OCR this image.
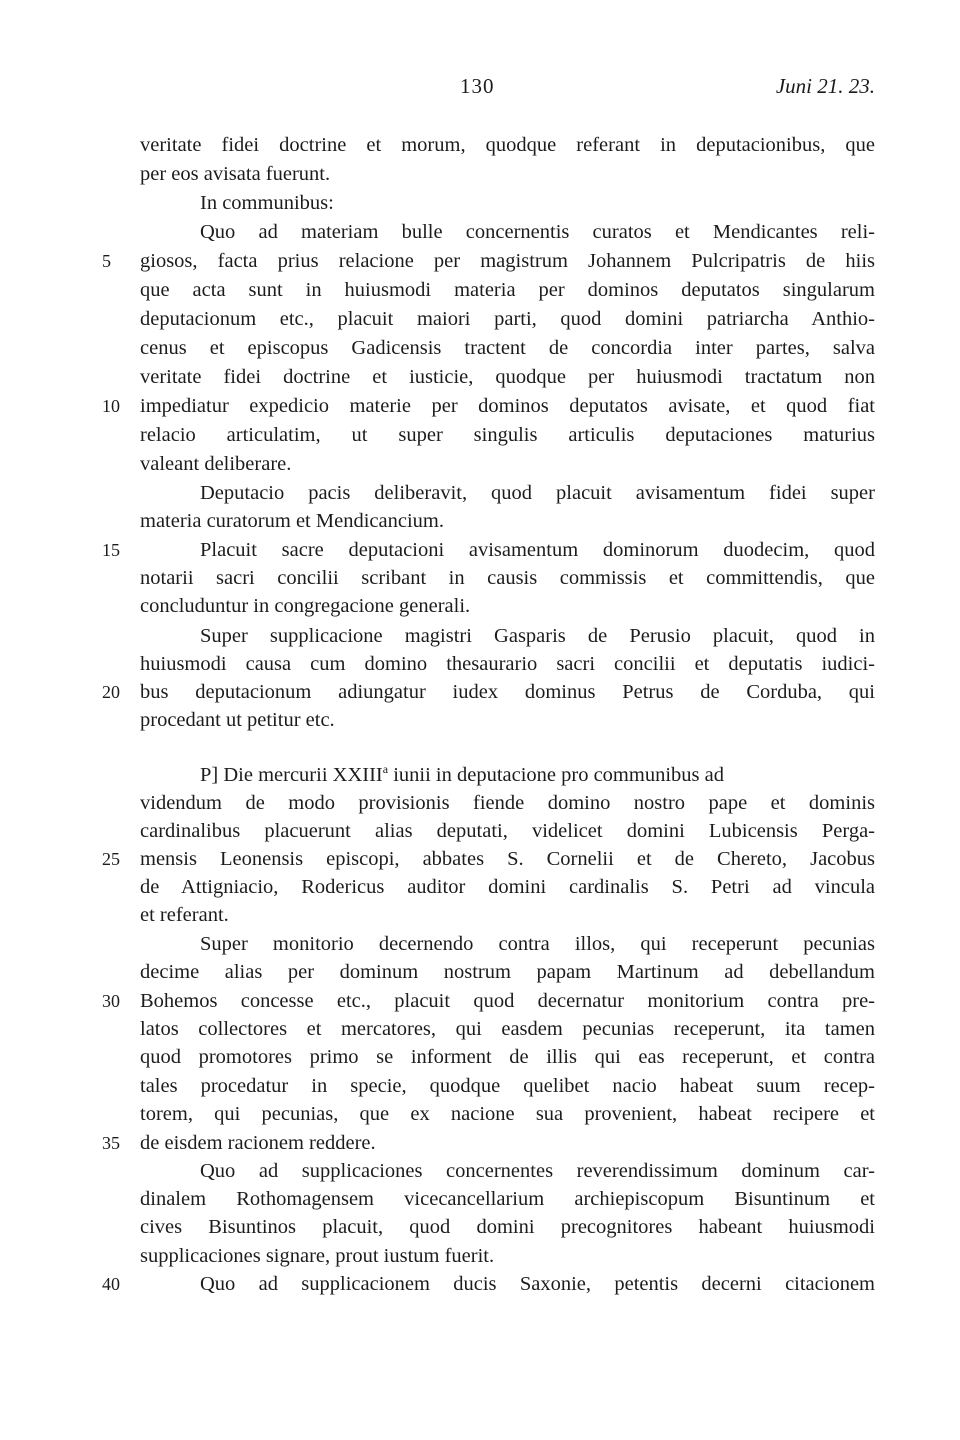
130	Juni 21. 23.
5
10
15
20
25
30
35
40
veritate fidei doctrine et morum, quodque referant in deputacionibus, que
per eos avisata fuerunt.
In communibus:
Quo ad materiam bulle concernentis curatos et Mendicantes reli-
giosos, facta prius relacione per magistrum Johannem Pulcripatris de hiis
que acta sunt in huiusmodi materia per dominos deputatos singularum
deputacionum etc., placuit maiori parti, quod domini patriarcha Anthio-
cenus et episcopus Gadicensis tractent de concordia inter partes, salva
veritate fidei doctrine et iusticie, quodque per huiusmodi tractatum non
impediatur expedicio materie per dominos deputatos avisate, et quod fiat
relacio articulatim, ut super singulis articulis deputaciones maturius
valeant deliberare.
Deputacio pacis deliberavit, quod placuit avisamentum fidei super
materia curatorum et Mendicancium.
Placuit sacre deputacioni avisamentum dominorum duodecim, quod
notarii sacri concilii scribant in causis commissis et committendis, que
concluduntur in congregacione generali.
Super supplicacione magistri Gasparis de Perusio placuit, quod in
huiusmodi causa cum domino thesaurario sacri concilii et deputatis iudici-
bus deputacionum adiungatur iudex dominus Petrus de Corduba, qui
procedant ut petitur etc.
P] Die mercurii XXIII$^a$ iunii in deputacione pro communibus ad
videndum de modo provisionis fiende domino nostro pape et dominis
cardinalibus placuerunt alias deputati, videlicet domini Lubicensis Perga-
mensis Leonensis episcopi, abbates S. Cornelii et de Chereto, Jacobus
de Attigniacio, Rodericus auditor domini cardinalis S. Petri ad vincula
et referant.
Super monitorio decernendo contra illos, qui receperunt pecunias
decime alias per dominum nostrum papam Martinum ad debellandum
Bohemos concesse etc., placuit quod decernatur monitorium contra pre-
latos collectores et mercatores, qui easdem pecunias receperunt, ita tamen
quod promotores primo se informent de illis qui eas receperunt, et contra
tales procedatur in specie, quodque quelibet nacio habeat suum recep-
torem, qui pecunias, que ex nacione sua provenient, habeat recipere et
de eisdem racionem reddere.
Quo ad supplicaciones concernentes reverendissimum dominum car-
dinalem Rothomagensem vicecancellarium archiepiscopum Bisuntinum et
cives Bisuntinos placuit, quod domini precognitores habeant huiusmodi
supplicaciones signare, prout iustum fuerit.
Quo ad supplicacionem ducis Saxonie, petentis decerni citacionem
